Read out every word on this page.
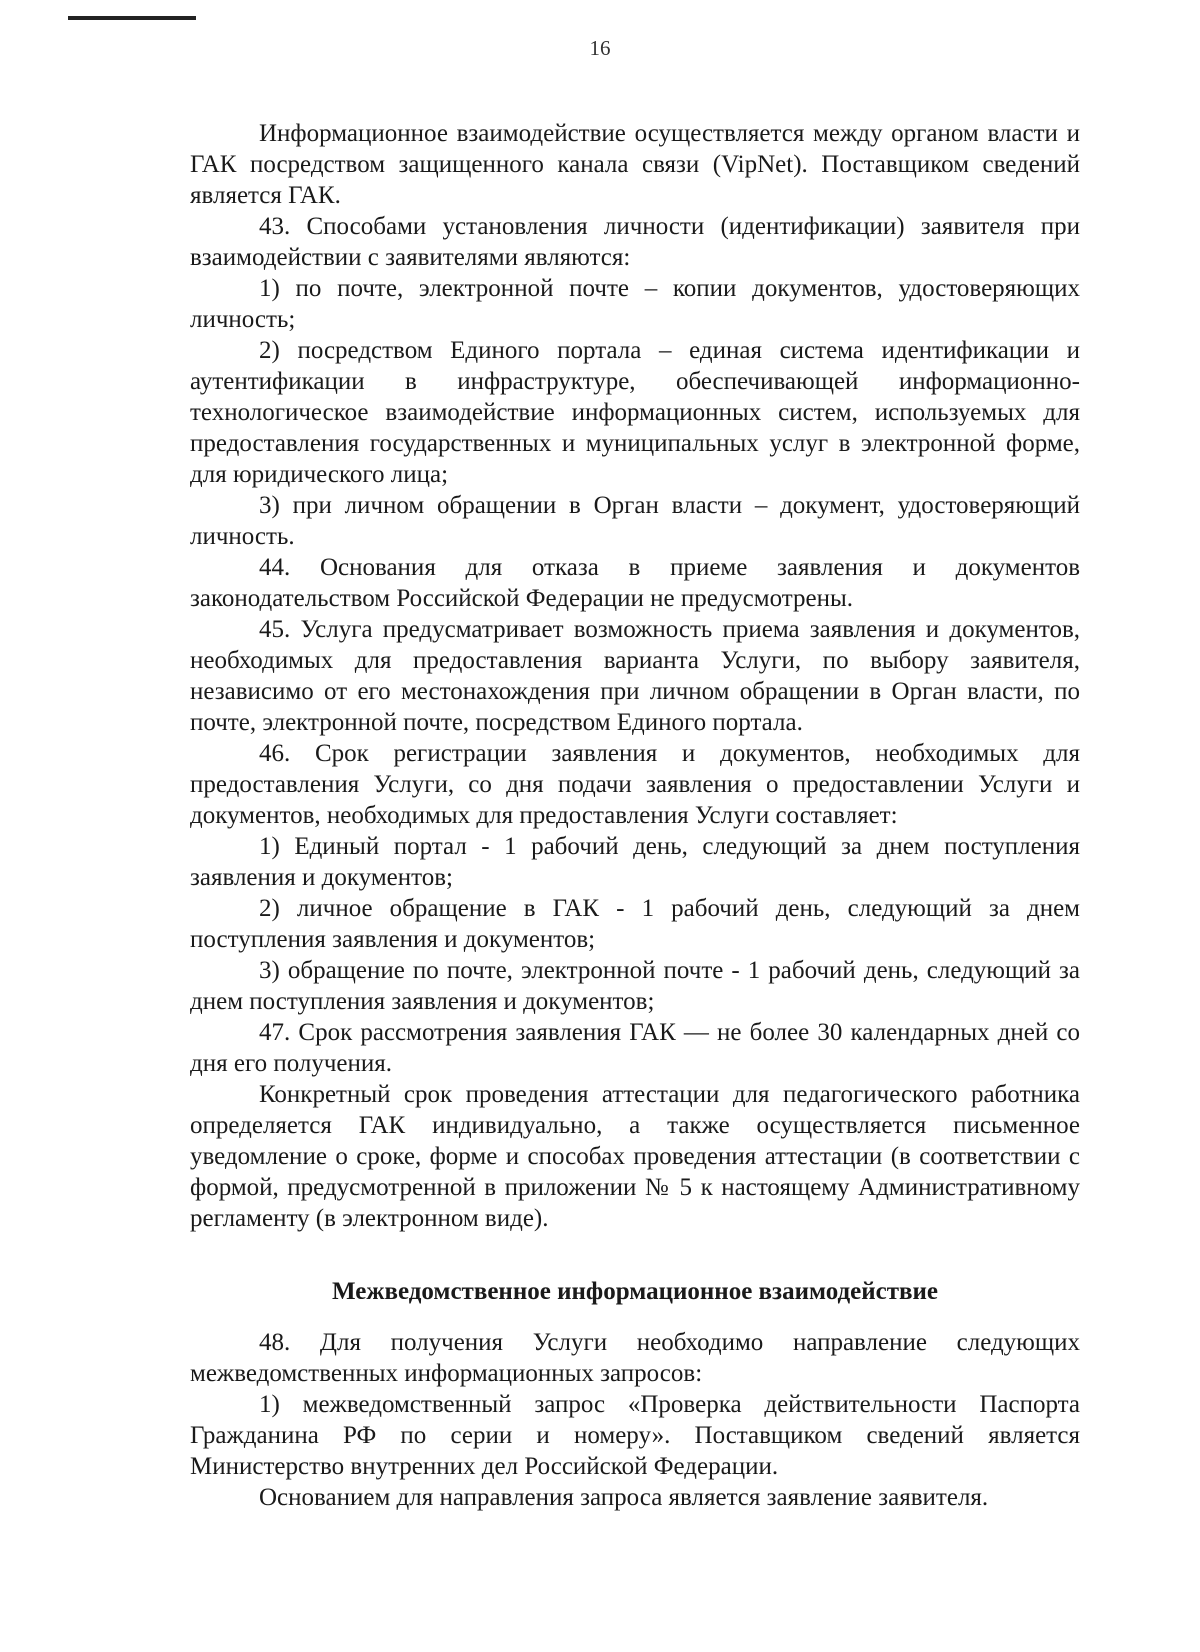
16

Информационное взаимодействие осуществляется между органом власти и ГАК посредством защищенного канала связи (VipNet). Поставщиком сведений является ГАК.

43. Способами установления личности (идентификации) заявителя при взаимодействии с заявителями являются:

1) по почте, электронной почте – копии документов, удостоверяющих личность;

2) посредством Единого портала – единая система идентификации и аутентификации в инфраструктуре, обеспечивающей информационно-технологическое взаимодействие информационных систем, используемых для предоставления государственных и муниципальных услуг в электронной форме, для юридического лица;

3) при личном обращении в Орган власти – документ, удостоверяющий личность.

44. Основания для отказа в приеме заявления и документов законодательством Российской Федерации не предусмотрены.

45. Услуга предусматривает возможность приема заявления и документов, необходимых для предоставления варианта Услуги, по выбору заявителя, независимо от его местонахождения при личном обращении в Орган власти, по почте, электронной почте, посредством Единого портала.

46. Срок регистрации заявления и документов, необходимых для предоставления Услуги, со дня подачи заявления о предоставлении Услуги и документов, необходимых для предоставления Услуги составляет:

1) Единый портал - 1 рабочий день, следующий за днем поступления заявления и документов;

2) личное обращение в ГАК - 1 рабочий день, следующий за днем поступления заявления и документов;

3) обращение по почте, электронной почте - 1 рабочий день, следующий за днем поступления заявления и документов;

47. Срок рассмотрения заявления ГАК — не более 30 календарных дней со дня его получения.

Конкретный срок проведения аттестации для педагогического работника определяется ГАК индивидуально, а также осуществляется письменное уведомление о сроке, форме и способах проведения аттестации (в соответствии с формой, предусмотренной в приложении № 5 к настоящему Административному регламенту (в электронном виде).

Межведомственное информационное взаимодействие

48. Для получения Услуги необходимо направление следующих межведомственных информационных запросов:

1) межведомственный запрос «Проверка действительности Паспорта Гражданина РФ по серии и номеру». Поставщиком сведений является Министерство внутренних дел Российской Федерации.

Основанием для направления запроса является заявление заявителя.
